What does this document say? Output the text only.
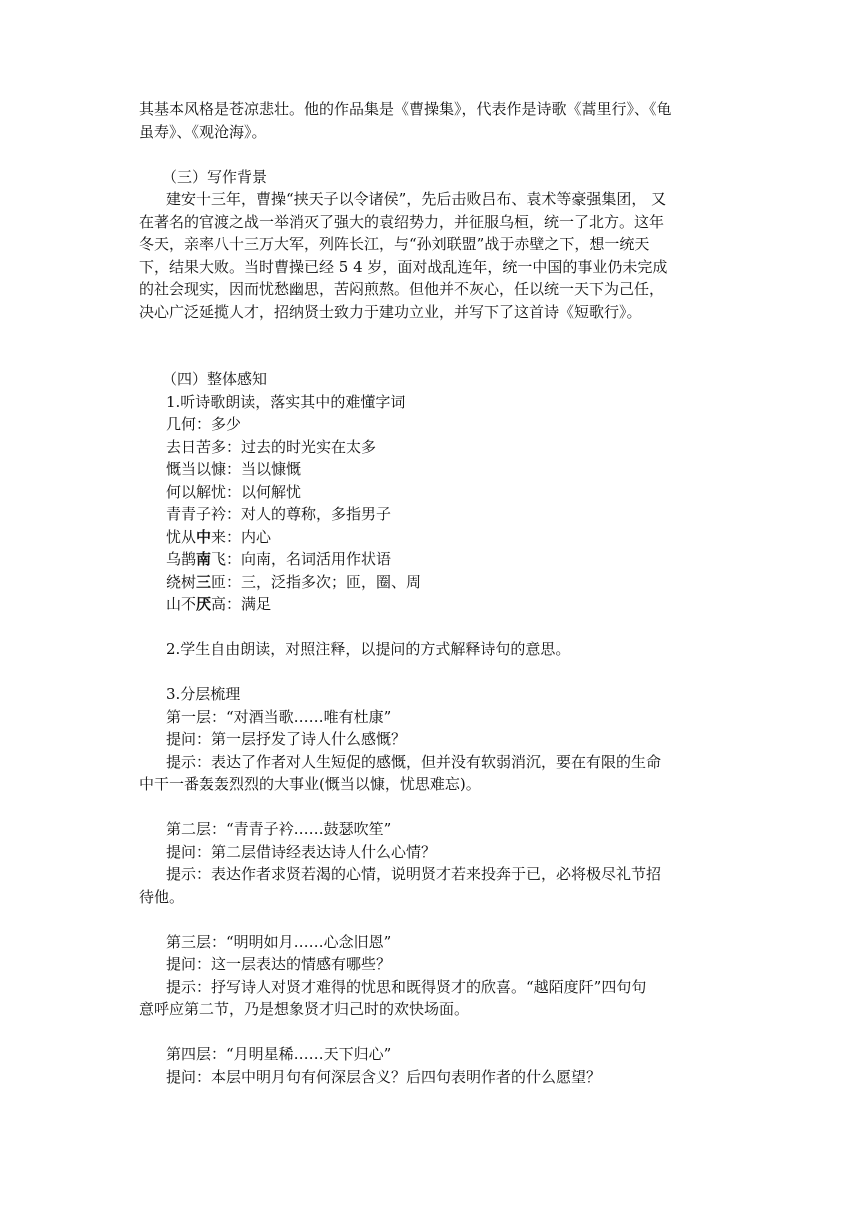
其基本风格是苍凉悲壮。他的作品集是《曹操集》，代表作是诗歌《蒿里行》、《龟
虽寿》、《观沧海》。
（三）写作背景
建安十三年，曹操“挟天子以令诸侯”，先后击败吕布、袁术等豪强集团， 又
在著名的官渡之战一举消灭了强大的袁绍势力，并征服乌桓，统一了北方。这年
冬天，亲率八十三万大军，列阵长江，与“孙刘联盟”战于赤壁之下，想一统天
下，结果大败。当时曹操已经 5 4 岁，面对战乱连年，统一中国的事业仍未完成
的社会现实，因而忧愁幽思，苦闷煎熬。但他并不灰心，任以统一天下为己任，
决心广泛延揽人才，招纳贤士致力于建功立业，并写下了这首诗《短歌行》。
（四）整体感知
1.听诗歌朗读，落实其中的难懂字词
几何：多少
去日苦多：过去的时光实在太多
慨当以慷：当以慷慨
何以解忧：以何解忧
青青子衿：对人的尊称，多指男子
忧从中来：内心
乌鹊南飞：向南，名词活用作状语
绕树三匝：三，泛指多次；匝，圈、周
山不厌高：满足
2.学生自由朗读，对照注释，以提问的方式解释诗句的意思。
3.分层梳理
第一层：“对酒当歌……唯有杜康”
提问：第一层抒发了诗人什么感慨？
提示：表达了作者对人生短促的感慨，但并没有软弱消沉，要在有限的生命
中干一番轰轰烈烈的大事业(慨当以慷，忧思难忘)。
第二层：“青青子衿……鼓瑟吹笙”
提问：第二层借诗经表达诗人什么心情？
提示：表达作者求贤若渴的心情，说明贤才若来投奔于已，必将极尽礼节招
待他。
第三层：“明明如月……心念旧恩”
提问：这一层表达的情感有哪些？
提示：抒写诗人对贤才难得的忧思和既得贤才的欣喜。“越陌度阡”四句句
意呼应第二节，乃是想象贤才归己时的欢快场面。
第四层：“月明星稀……天下归心”
提问：本层中明月句有何深层含义？后四句表明作者的什么愿望？
